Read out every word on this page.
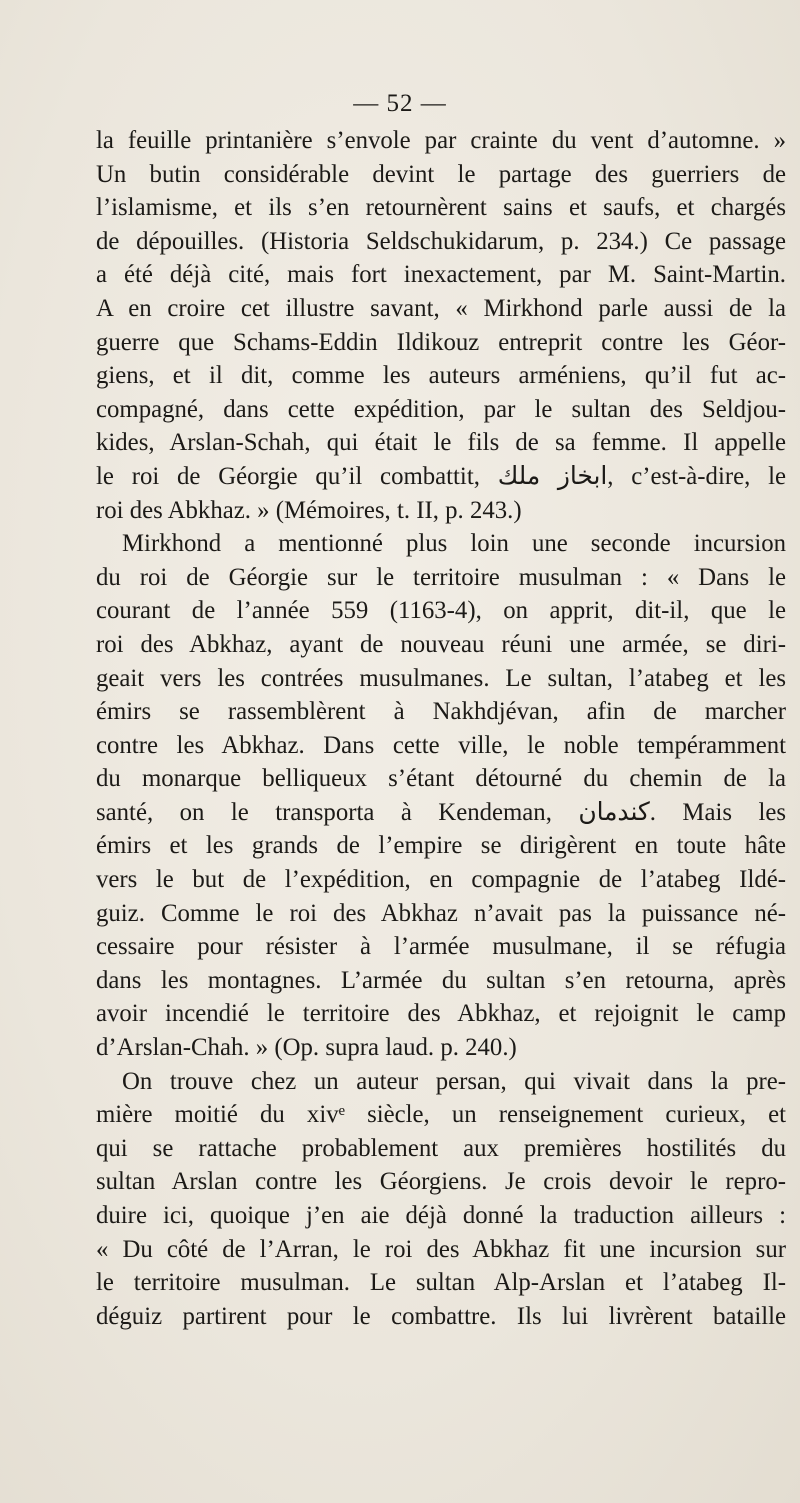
— 52 —
la feuille printanière s’envole par crainte du vent d’automne. »
Un butin considérable devint le partage des guerriers de
l’islamisme, et ils s’en retournèrent sains et saufs, et chargés
de dépouilles. (Historia Seldschukidarum, p. 234.) Ce passage
a été déjà cité, mais fort inexactement, par M. Saint-Martin.
A en croire cet illustre savant, « Mirkhond parle aussi de la
guerre que Schams-Eddin Ildikouz entreprit contre les Géor-
giens, et il dit, comme les auteurs arméniens, qu’il fut ac-
compagné, dans cette expédition, par le sultan des Seldjou-
kides, Arslan-Schah, qui était le fils de sa femme. Il appelle
le roi de Géorgie qu’il combattit, ابخاز ملك, c’est-à-dire, le
roi des Abkhaz. » (Mémoires, t. II, p. 243.)
Mirkhond a mentionné plus loin une seconde incursion
du roi de Géorgie sur le territoire musulman : « Dans le
courant de l’année 559 (1163-4), on apprit, dit-il, que le
roi des Abkhaz, ayant de nouveau réuni une armée, se diri-
geait vers les contrées musulmanes. Le sultan, l’atabeg et les
émirs se rassemblèrent à Nakhdjévan, afin de marcher
contre les Abkhaz. Dans cette ville, le noble tempéramment
du monarque belliqueux s’étant détourné du chemin de la
santé, on le transporta à Kendeman, كندمان. Mais les
émirs et les grands de l’empire se dirigèrent en toute hâte
vers le but de l’expédition, en compagnie de l’atabeg Ildé-
guiz. Comme le roi des Abkhaz n’avait pas la puissance né-
cessaire pour résister à l’armée musulmane, il se réfugia
dans les montagnes. L’armée du sultan s’en retourna, après
avoir incendié le territoire des Abkhaz, et rejoignit le camp
d’Arslan-Chah. » (Op. supra laud. p. 240.)
On trouve chez un auteur persan, qui vivait dans la pre-
mière moitié du xivᵉ siècle, un renseignement curieux, et
qui se rattache probablement aux premières hostilités du
sultan Arslan contre les Géorgiens. Je crois devoir le repro-
duire ici, quoique j’en aie déjà donné la traduction ailleurs :
« Du côté de l’Arran, le roi des Abkhaz fit une incursion sur
le territoire musulman. Le sultan Alp-Arslan et l’atabeg Il-
déguiz partirent pour le combattre. Ils lui livrèrent bataille
